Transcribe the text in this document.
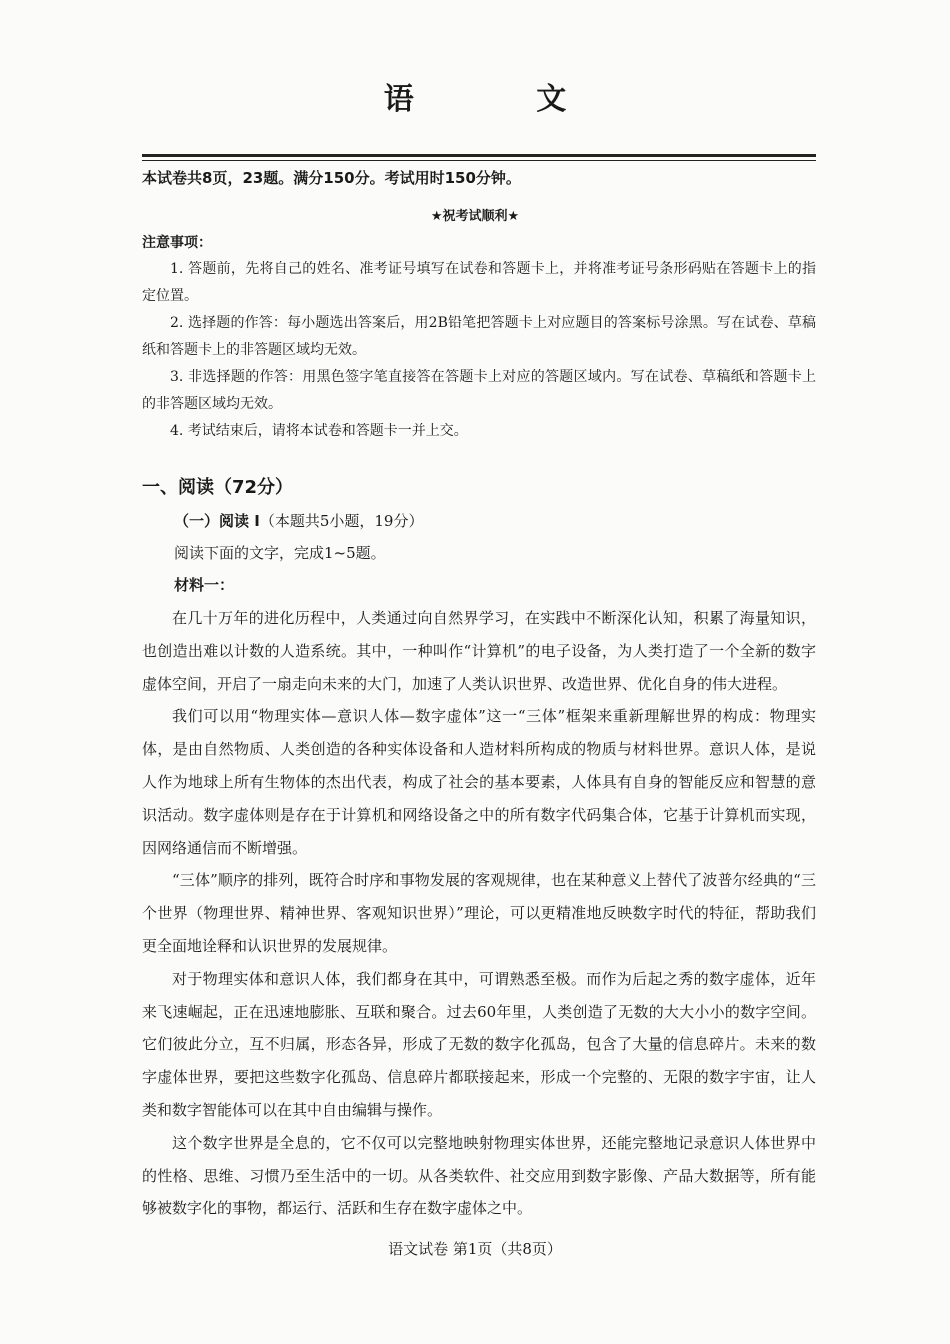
语 文
本试卷共8页，23题。满分150分。考试用时150分钟。
★祝考试顺利★
注意事项：

1. 答题前，先将自己的姓名、准考证号填写在试卷和答题卡上，并将准考证号条形码贴在答题卡上的指定位置。

2. 选择题的作答：每小题选出答案后，用2B铅笔把答题卡上对应题目的答案标号涂黑。写在试卷、草稿纸和答题卡上的非答题区域均无效。

3. 非选择题的作答：用黑色签字笔直接答在答题卡上对应的答题区域内。写在试卷、草稿纸和答题卡上的非答题区域均无效。

4. 考试结束后，请将本试卷和答题卡一并上交。

一、阅读（72分）
（一）阅读 I（本题共5小题，19分）
阅读下面的文字，完成1~5题。
材料一：

在几十万年的进化历程中，人类通过向自然界学习，在实践中不断深化认知，积累了海量知识，也创造出难以计数的人造系统。其中，一种叫作“计算机”的电子设备，为人类打造了一个全新的数字虚体空间，开启了一扇走向未来的大门，加速了人类认识世界、改造世界、优化自身的伟大进程。

我们可以用“物理实体—意识人体—数字虚体”这一“三体”框架来重新理解世界的构成：物理实体，是由自然物质、人类创造的各种实体设备和人造材料所构成的物质与材料世界。意识人体，是说人作为地球上所有生物体的杰出代表，构成了社会的基本要素，人体具有自身的智能反应和智慧的意识活动。数字虚体则是存在于计算机和网络设备之中的所有数字代码集合体，它基于计算机而实现，因网络通信而不断增强。

“三体”顺序的排列，既符合时序和事物发展的客观规律，也在某种意义上替代了波普尔经典的“三个世界（物理世界、精神世界、客观知识世界）”理论，可以更精准地反映数字时代的特征，帮助我们更全面地诠释和认识世界的发展规律。

对于物理实体和意识人体，我们都身在其中，可谓熟悉至极。而作为后起之秀的数字虚体，近年来飞速崛起，正在迅速地膨胀、互联和聚合。过去60年里，人类创造了无数的大大小小的数字空间。它们彼此分立，互不归属，形态各异，形成了无数的数字化孤岛，包含了大量的信息碎片。未来的数字虚体世界，要把这些数字化孤岛、信息碎片都联接起来，形成一个完整的、无限的数字宇宙，让人类和数字智能体可以在其中自由编辑与操作。

这个数字世界是全息的，它不仅可以完整地映射物理实体世界，还能完整地记录意识人体世界中的性格、思维、习惯乃至生活中的一切。从各类软件、社交应用到数字影像、产品大数据等，所有能够被数字化的事物，都运行、活跃和生存在数字虚体之中。

语文试卷 第1页（共8页）
